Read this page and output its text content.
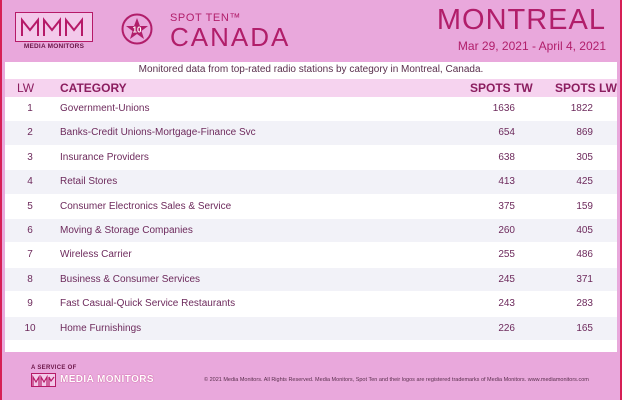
MEDIA MONITORS
10
SPOT TEN™
CANADA
MONTREAL
Mar 29, 2021 - April 4, 2021
Monitored data from top-rated radio stations by category in Montreal, Canada.
LW CATEGORY	SPOTS TW SPOTS LW
1	Government-Unions	1636	1822
2	Banks-Credit Unions-Mortgage-Finance Svc	654	869
3	Insurance Providers	638	305
4	Retail Stores	413	425
5	Consumer Electronics Sales & Service	375	159
6	Moving & Storage Companies	260	405
7	Wireless Carrier	255	486
8	Business & Consumer Services	245	371
9	Fast Casual-Quick Service Restaurants	243	283
10 Home Furnishings	226	165
A SERVICE OF
MEDIA MONITORS	© 2021 Media Monitors. All Rights Reserved. Media Monitors, Spot Ten and their logos are registered trademarks of Media Monitors. www.mediamonitors.com
